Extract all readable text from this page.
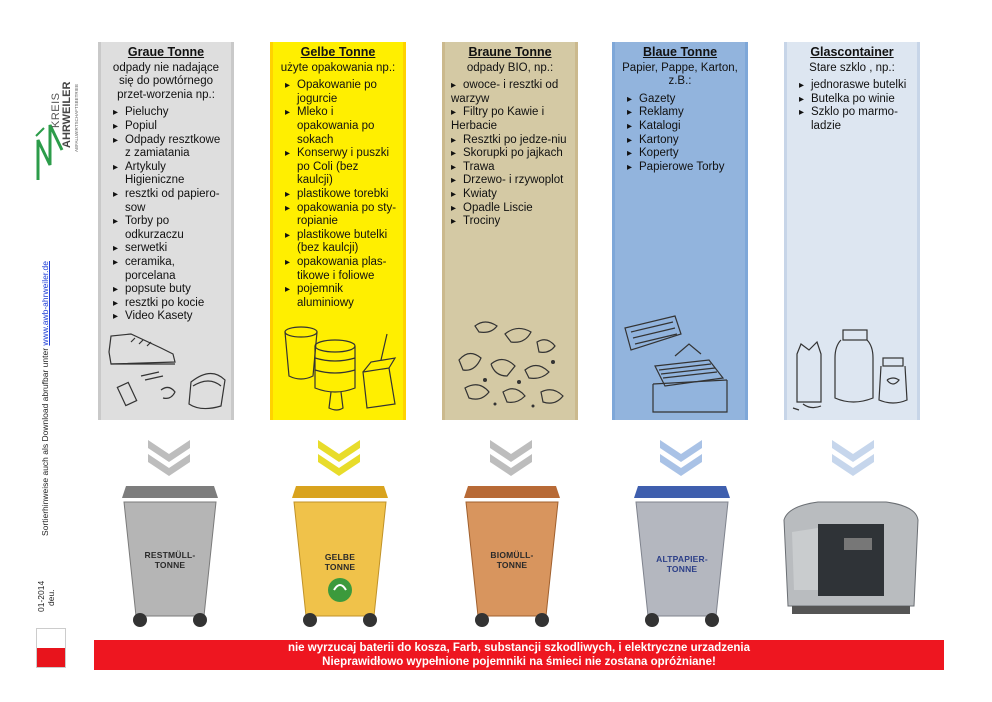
KREIS AHRWEILER ABFALLWIRTSCHAFTSBETRIEB
Sortierhinweise auch als Download abrufbar unter www.awb-ahrweiler.de
01-2014 deu.
Graue Tonne
odpady nie nadające się do powtórnego przet-worzenia np.:
▸ Pieluchy
▸ Popiul
▸ Odpady resztkowe z zamiatania
▸ Artykuly Higieniczne
▸ resztki od papiero-sow
▸ Torby po odkurzaczu
▸ serwetki
▸ ceramika, porcelana
▸ popsute buty
▸ resztki po kocie
▸ Video Kasety
Gelbe Tonne
użyte opakowania np.:
▸ Opakowanie po jogurcie
▸ Mleko i opakowania po sokach
▸ Konserwy i puszki po Coli (bez kaulcji)
▸ plastikowe torebki
▸ opakowania po sty-ropianie
▸ plastikowe butelki (bez kaulcji)
▸ opakowania plas-tikowe i foliowe
▸ pojemnik aluminiowy
Braune Tonne
odpady BIO, np.:
▸ owoce- i resztki od warzyw
▸ Filtry po Kawie i Herbacie
▸ Resztki po jedze-niu
▸ Skorupki po jajkach
▸ Trawa
▸ Drzewo- i rzywoplot
▸ Kwiaty
▸ Opadle Liscie
▸ Trociny
Blaue Tonne
Papier, Pappe, Karton, z.B.:
▸ Gazety
▸ Reklamy
▸ Katalogi
▸ Kartony
▸ Koperty
▸ Papierowe Torby
Glascontainer
Stare szklo , np.:
▸ jednoraswe butelki
▸ Butelka po winie
▸ Szklo po marmo-ladzie
RESTMÜLL-TONNE
GELBE TONNE
BIOMÜLL-TONNE
ALTPAPIER-TONNE
nie wyrzucaj baterii do kosza, Farb, substancji szkodliwych, i elektryczne urzadzenia
Nieprawidłowo wypełnione pojemniki na śmieci nie zostana opróżniane!
